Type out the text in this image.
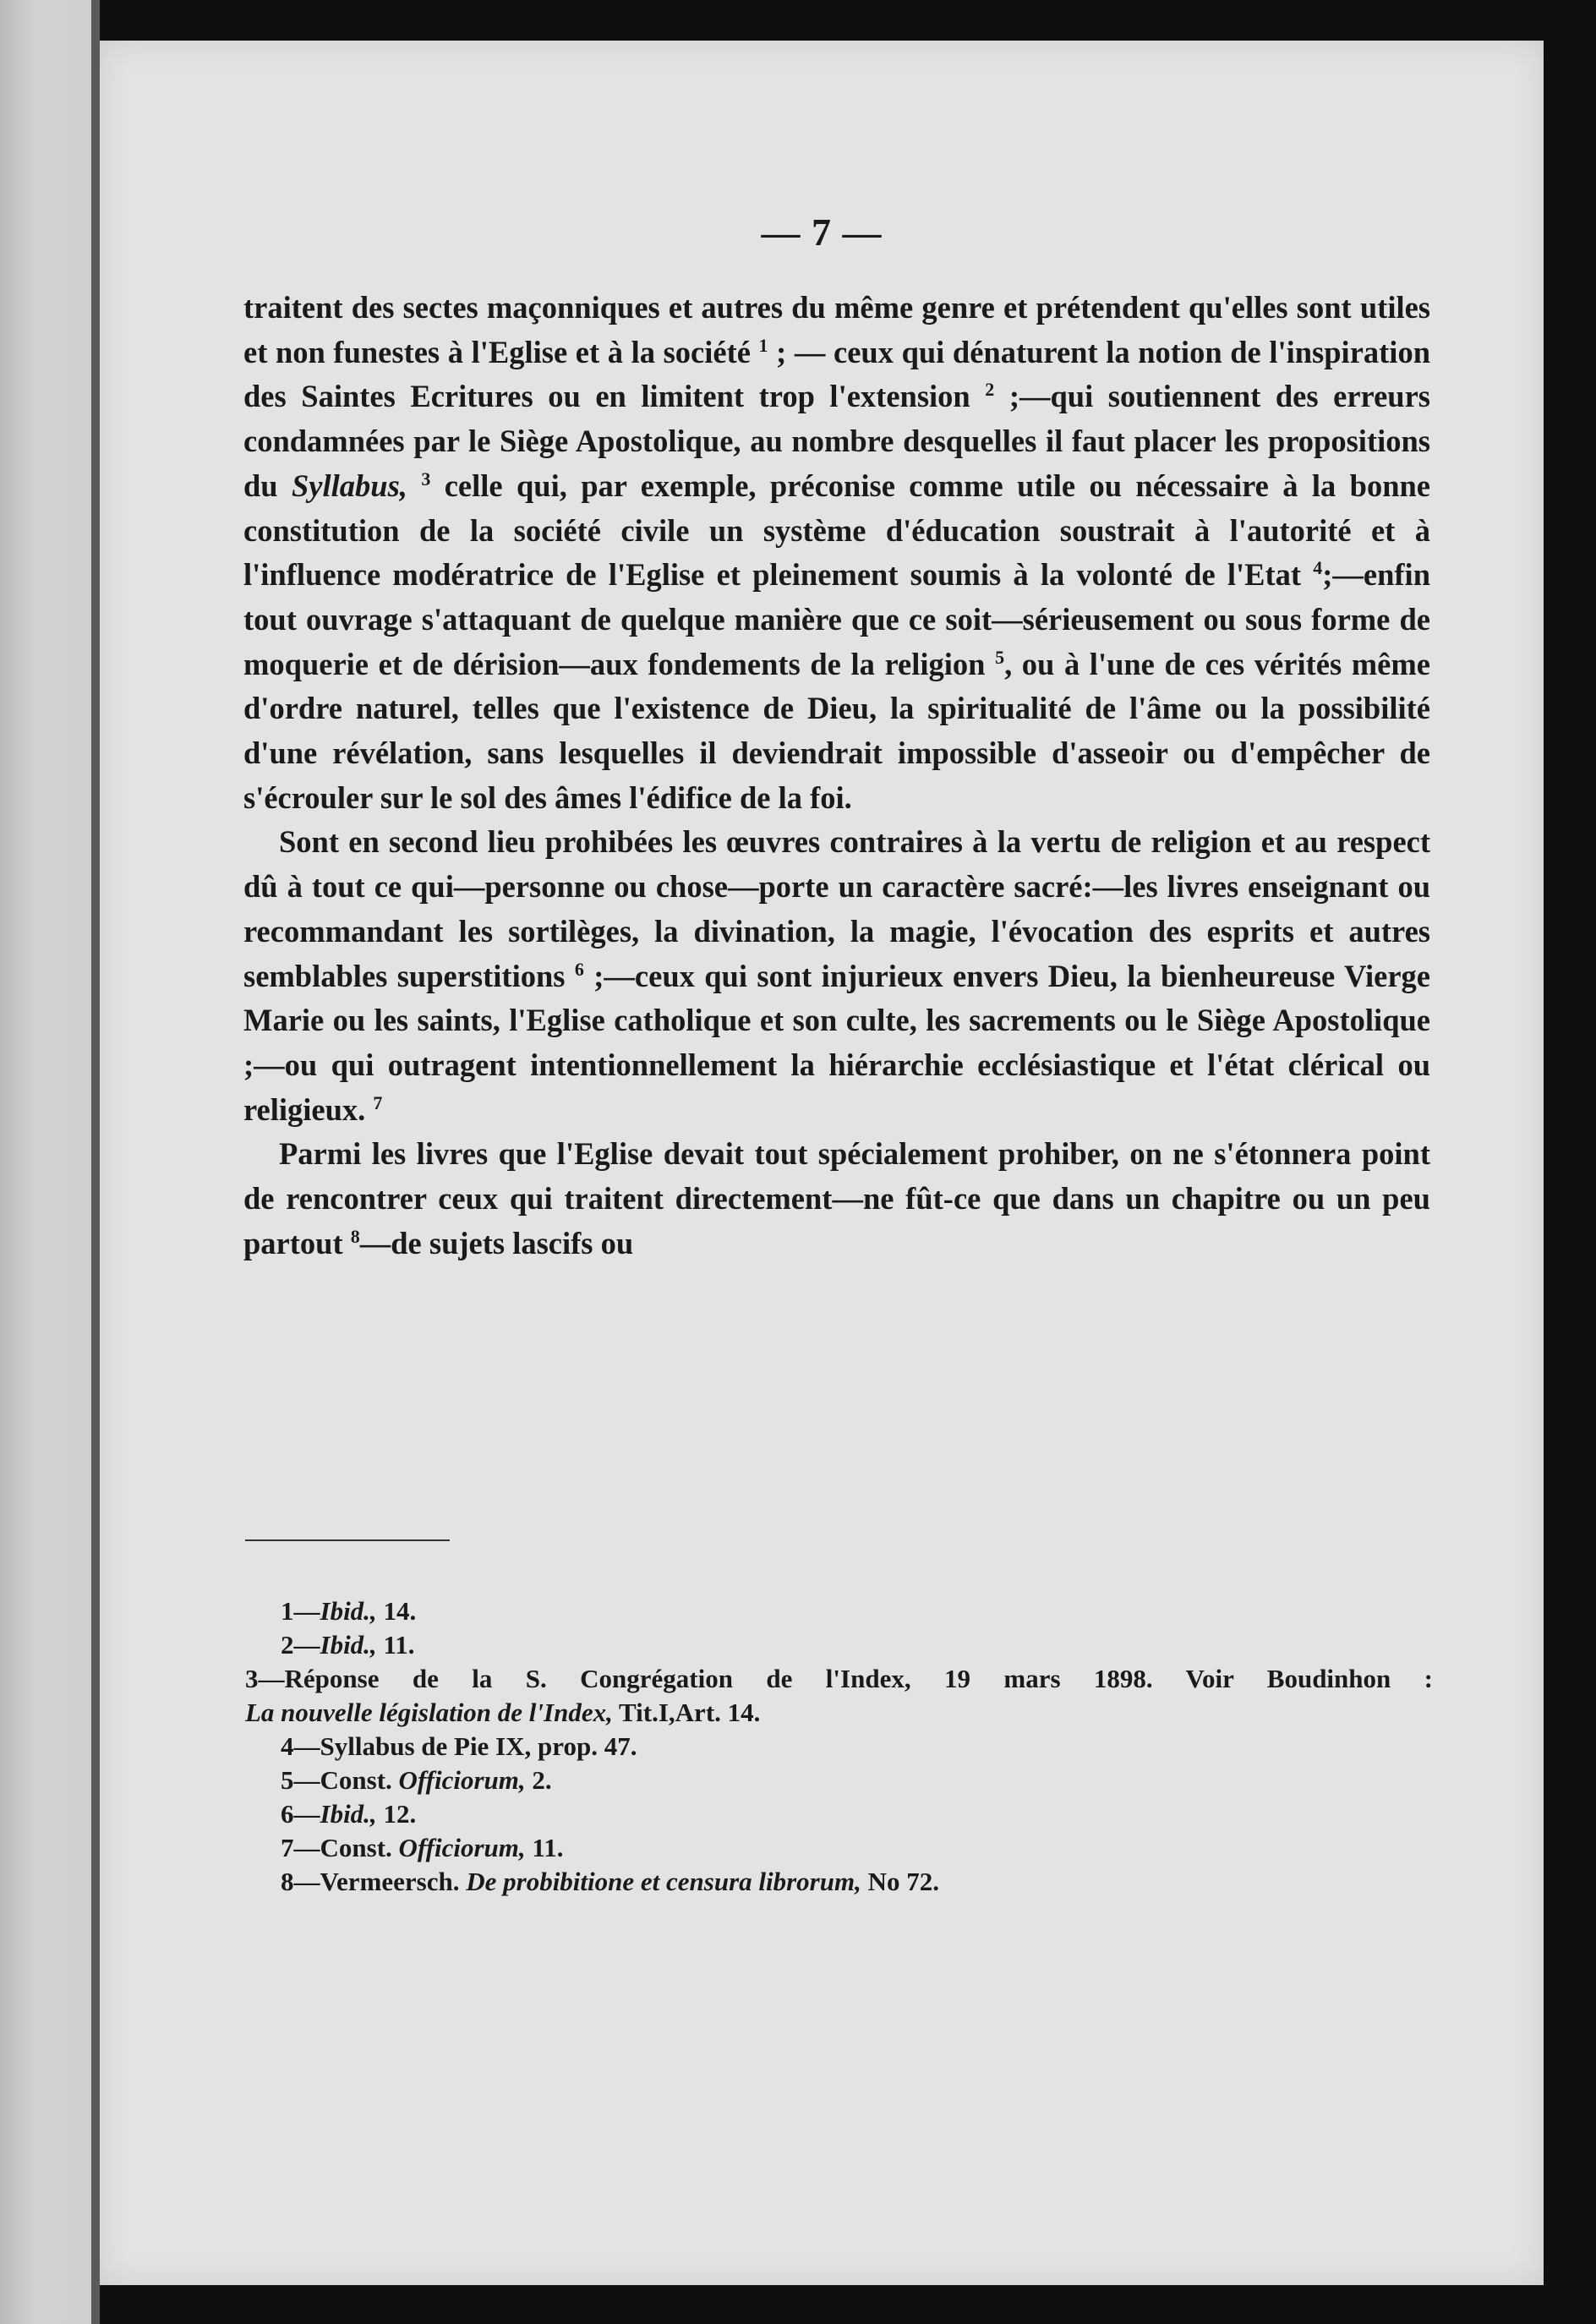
— 7 —

traitent des sectes maçonniques et autres du même genre et prétendent qu'elles sont utiles et non funestes à l'Eglise et à la société $^1$ ; — ceux qui dénaturent la notion de l'inspiration des Saintes Ecritures ou en limitent trop l'extension $^2$ ;—qui soutiennent des erreurs condamnées par le Siège Apostolique, au nombre desquelles il faut placer les propositions du Syllabus, $^3$ celle qui, par exemple, préconise comme utile ou nécessaire à la bonne constitution de la société civile un système d'éducation soustrait à l'autorité et à l'influence modératrice de l'Eglise et pleinement soumis à la volonté de l'Etat $^4$;—enfin tout ouvrage s'attaquant de quelque manière que ce soit—sérieusement ou sous forme de moquerie et de dérision—aux fondements de la religion $^5$, ou à l'une de ces vérités même d'ordre naturel, telles que l'existence de Dieu, la spiritualité de l'âme ou la possibilité d'une révélation, sans lesquelles il deviendrait impossible d'asseoir ou d'empêcher de s'écrouler sur le sol des âmes l'édifice de la foi.

Sont en second lieu prohibées les œuvres contraires à la vertu de religion et au respect dû à tout ce qui—personne ou chose—porte un caractère sacré:—les livres enseignant ou recommandant les sortilèges, la divination, la magie, l'évocation des esprits et autres semblables superstitions $^6$ ;—ceux qui sont injurieux envers Dieu, la bienheureuse Vierge Marie ou les saints, l'Eglise catholique et son culte, les sacrements ou le Siège Apostolique ;—ou qui outragent intentionnellement la hiérarchie ecclésiastique et l'état clérical ou religieux. $^7$

Parmi les livres que l'Eglise devait tout spécialement prohiber, on ne s'étonnera point de rencontrer ceux qui traitent directement—ne fût-ce que dans un chapitre ou un peu partout $^8$—de sujets lascifs ou

1—Ibid., 14.
2—Ibid., 11.
3—Réponse de la S. Congrégation de l'Index, 19 mars 1898. Voir Boudinhon :
La nouvelle législation de l'Index, Tit.I,Art. 14.
4—Syllabus de Pie IX, prop. 47.
5—Const. Officiorum, 2.
6—Ibid., 12.
7—Const. Officiorum, 11.
8—Vermeersch. De probibitione et censura librorum, No 72.
